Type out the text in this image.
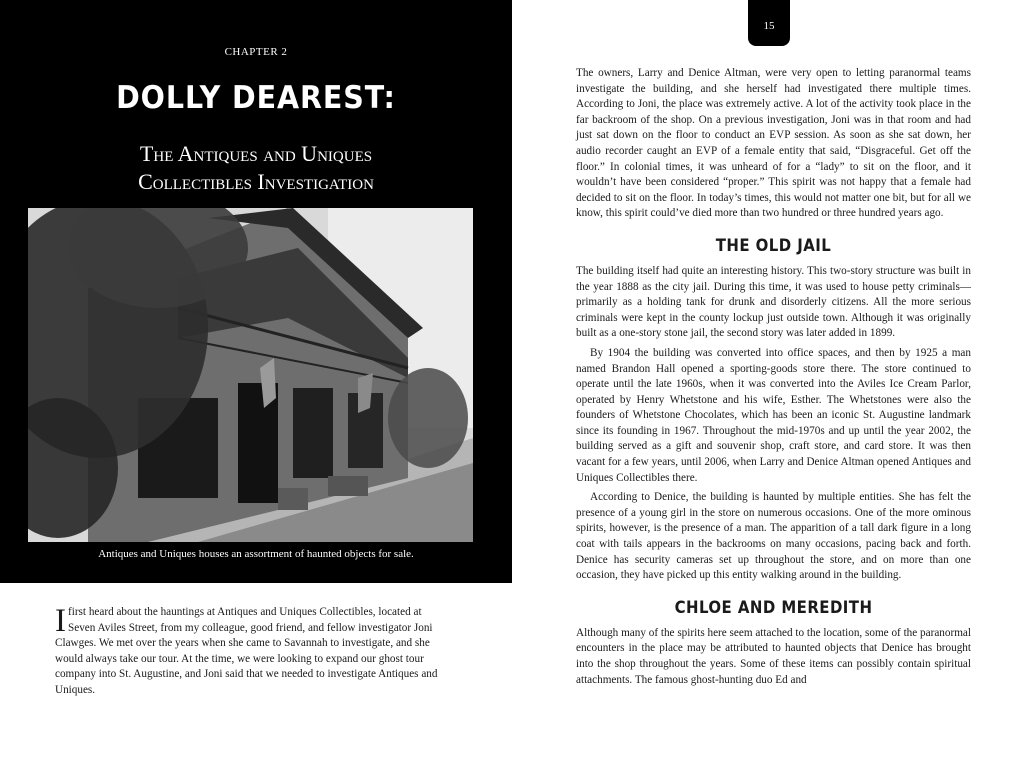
CHAPTER 2
DOLLY DEAREST:
The Antiques and Uniques
Collectibles Investigation
Antiques and Uniques houses an assortment of haunted objects for sale.
Ifirst heard about the hauntings at Antiques and Uniques Collectibles, located at Seven Aviles Street, from my colleague, good friend, and fellow investigator Joni Clawges. We met over the years when she came to Savannah to investigate, and she would always take our tour. At the time, we were looking to expand our ghost tour company into St. Augustine, and Joni said that we needed to investigate Antiques and Uniques.
15

The owners, Larry and Denice Altman, were very open to letting paranormal teams investigate the building, and she herself had investigated there multiple times. According to Joni, the place was extremely active. A lot of the activity took place in the far backroom of the shop. On a previous investigation, Joni was in that room and had just sat down on the floor to conduct an EVP session. As soon as she sat down, her audio recorder caught an EVP of a female entity that said, “Disgraceful. Get off the floor.” In colonial times, it was unheard of for a “lady” to sit on the floor, and it wouldn’t have been considered “proper.” This spirit was not happy that a female had decided to sit on the floor. In today’s times, this would not matter one bit, but for all we know, this spirit could’ve died more than two hundred or three hundred years ago.

THE OLD JAIL

The building itself had quite an interesting history. This two-story structure was built in the year 1888 as the city jail. During this time, it was used to house petty criminals—primarily as a holding tank for drunk and disorderly citizens. All the more serious criminals were kept in the county lockup just outside town. Although it was originally built as a one-story stone jail, the second story was later added in 1899.

By 1904 the building was converted into office spaces, and then by 1925 a man named Brandon Hall opened a sporting-goods store there. The store continued to operate until the late 1960s, when it was converted into the Aviles Ice Cream Parlor, operated by Henry Whetstone and his wife, Esther. The Whetstones were also the founders of Whetstone Chocolates, which has been an iconic St. Augustine landmark since its founding in 1967. Throughout the mid-1970s and up until the year 2002, the building served as a gift and souvenir shop, craft store, and card store. It was then vacant for a few years, until 2006, when Larry and Denice Altman opened Antiques and Uniques Collectibles there.

According to Denice, the building is haunted by multiple entities. She has felt the presence of a young girl in the store on numerous occasions. One of the more ominous spirits, however, is the presence of a man. The apparition of a tall dark figure in a long coat with tails appears in the backrooms on many occasions, pacing back and forth. Denice has security cameras set up throughout the store, and on more than one occasion, they have picked up this entity walking around in the building.

CHLOE AND MEREDITH

Although many of the spirits here seem attached to the location, some of the paranormal encounters in the place may be attributed to haunted objects that Denice has brought into the shop throughout the years. Some of these items can possibly contain spiritual attachments. The famous ghost-hunting duo Ed and
